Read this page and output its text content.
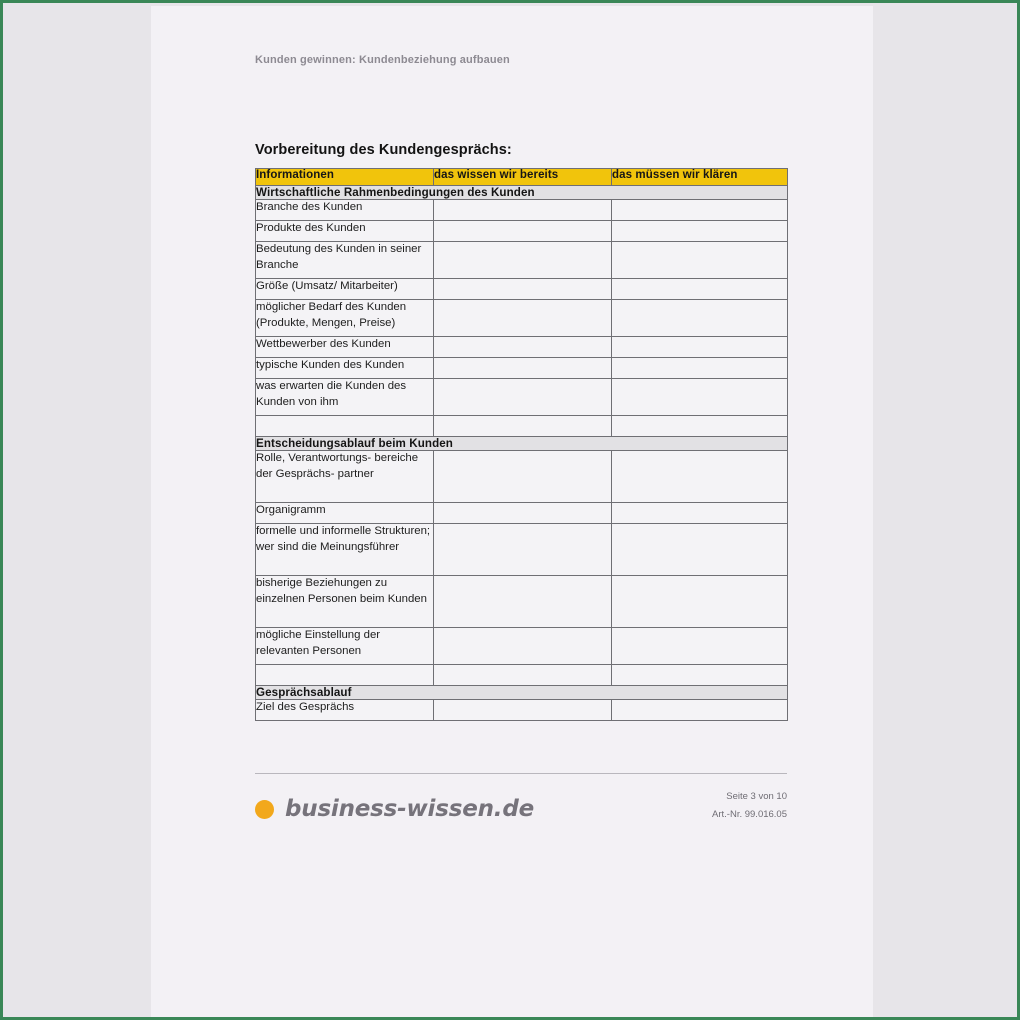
Kunden gewinnen: Kundenbeziehung aufbauen
Vorbereitung des Kundengesprächs:
Informationen	das wissen wir bereits	das müssen wir klären
Wirtschaftliche Rahmenbedingungen des Kunden		
Branche des Kunden		
Produkte des Kunden		
Bedeutung des Kunden in seiner Branche		
Größe (Umsatz/ Mitarbeiter)		
möglicher Bedarf des Kunden (Produkte, Mengen, Preise)		
Wettbewerber des Kunden		
typische Kunden des Kunden		
was erwarten die Kunden des Kunden von ihm		

Entscheidungsablauf beim Kunden		
Rolle, Verantwortungs- bereiche der Gesprächs- partner		
Organigramm		
formelle und informelle Strukturen; wer sind die Meinungsführer		
bisherige Beziehungen zu einzelnen Personen beim Kunden		
mögliche Einstellung der relevanten Personen		

Gesprächsablauf		
Ziel des Gesprächs		
business-wissen.de	Seite 3 von 10
Art.-Nr. 99.016.05
